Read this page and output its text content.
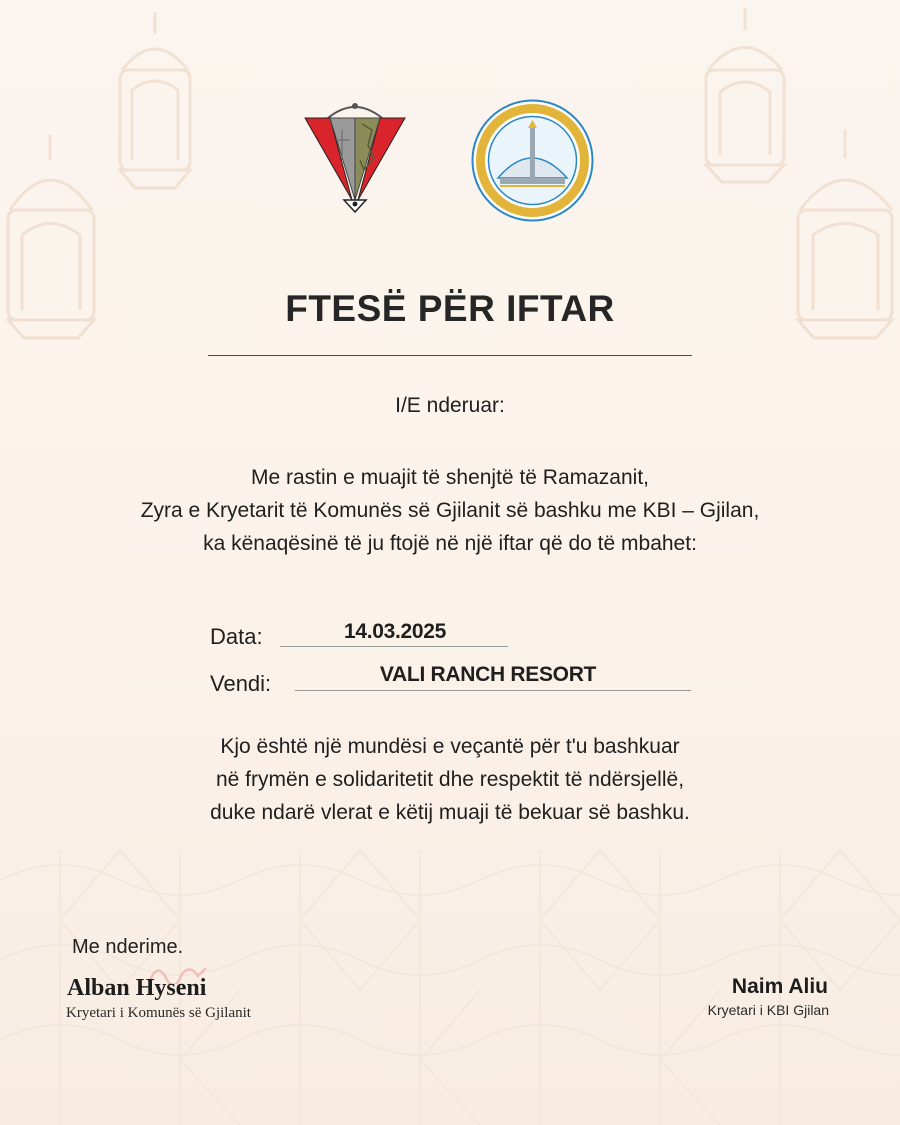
FTESË PËR IFTAR
I/E nderuar:
Me rastin e muajit të shenjtë të Ramazanit,
Zyra e Kryetarit të Komunës së Gjilanit së bashku me KBI – Gjilan,
ka kënaqësinë të ju ftojë në një iftar që do të mbahet:
Data:	14.03.2025
Vendi:	VALI RANCH RESORT
Kjo është një mundësi e veçantë për t'u bashkuar
në frymën e solidaritetit dhe respektit të ndërsjellë,
duke ndarë vlerat e këtij muaji të bekuar së bashku.
Me nderime.
Alban Hyseni
Kryetari i Komunës së Gjilanit
Naim Aliu
Kryetari i KBI Gjilan
